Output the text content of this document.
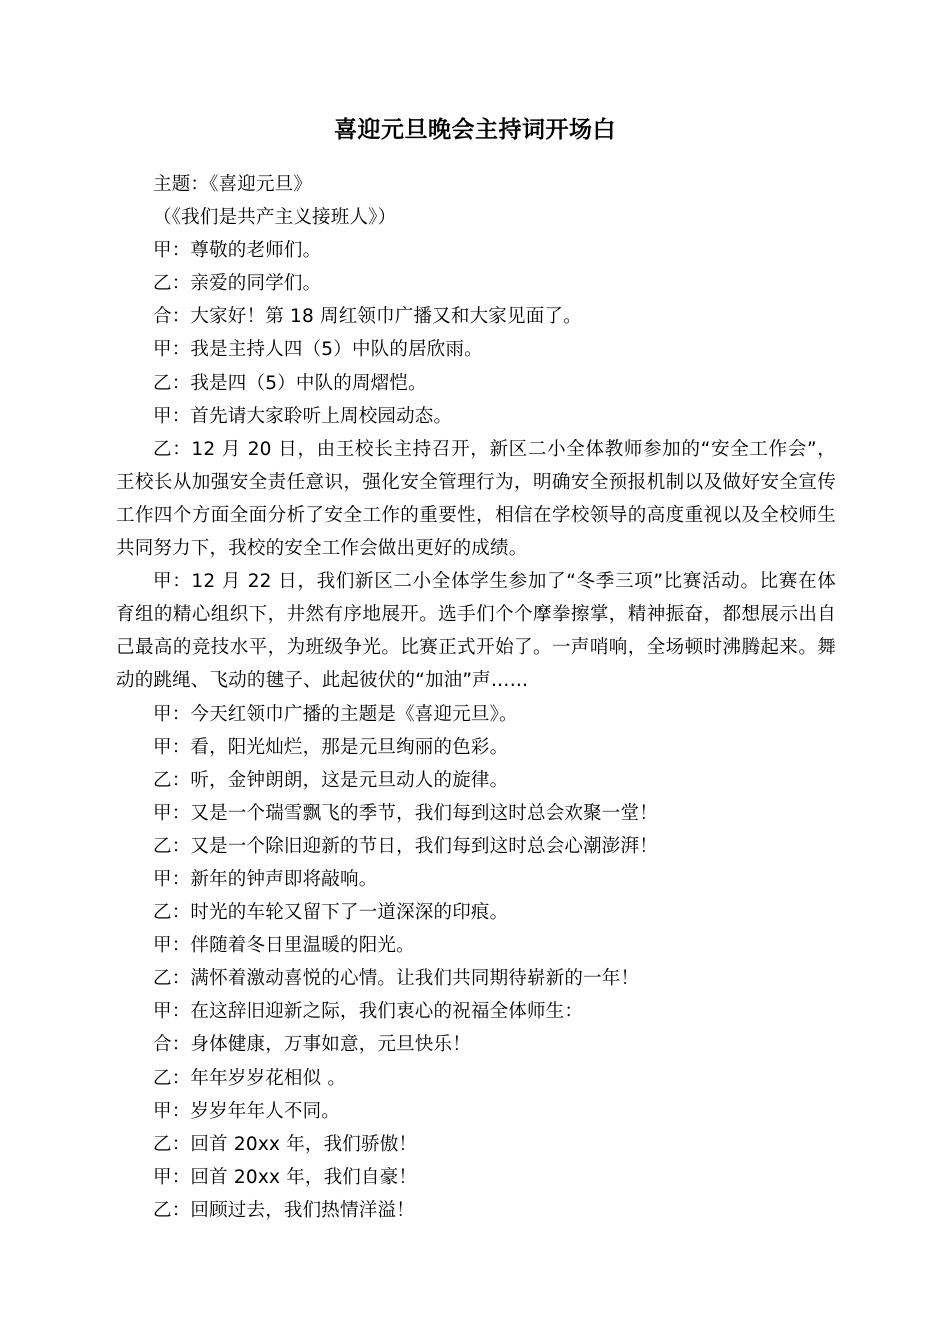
喜迎元旦晚会主持词开场白

主题：《喜迎元旦》

（《我们是共产主义接班人》）

甲：尊敬的老师们。

乙：亲爱的同学们。

合：大家好！第 18 周红领巾广播又和大家见面了。

甲：我是主持人四（5）中队的居欣雨。

乙：我是四（5）中队的周熠恺。

甲：首先请大家聆听上周校园动态。

乙：12 月 20 日，由王校长主持召开，新区二小全体教师参加的“安全工作会”，王校长从加强安全责任意识，强化安全管理行为，明确安全预报机制以及做好安全宣传工作四个方面全面分析了安全工作的重要性，相信在学校领导的高度重视以及全校师生共同努力下，我校的安全工作会做出更好的成绩。

甲：12 月 22 日，我们新区二小全体学生参加了“冬季三项”比赛活动。比赛在体育组的精心组织下，井然有序地展开。选手们个个摩拳擦掌，精神振奋，都想展示出自己最高的竞技水平，为班级争光。比赛正式开始了。一声哨响，全场顿时沸腾起来。舞动的跳绳、飞动的毽子、此起彼伏的“加油”声……

甲：今天红领巾广播的主题是《喜迎元旦》。

甲：看，阳光灿烂，那是元旦绚丽的色彩。

乙：听，金钟朗朗，这是元旦动人的旋律。

甲：又是一个瑞雪飘飞的季节，我们每到这时总会欢聚一堂！

乙：又是一个除旧迎新的节日，我们每到这时总会心潮澎湃！

甲：新年的钟声即将敲响。

乙：时光的车轮又留下了一道深深的印痕。

甲：伴随着冬日里温暖的阳光。

乙：满怀着激动喜悦的心情。让我们共同期待崭新的一年！

甲：在这辞旧迎新之际，我们衷心的祝福全体师生：

合：身体健康，万事如意，元旦快乐！

乙：年年岁岁花相似 。

甲：岁岁年年人不同。

乙：回首 20xx 年，我们骄傲！

甲：回首 20xx 年，我们自豪！

乙：回顾过去，我们热情洋溢！
